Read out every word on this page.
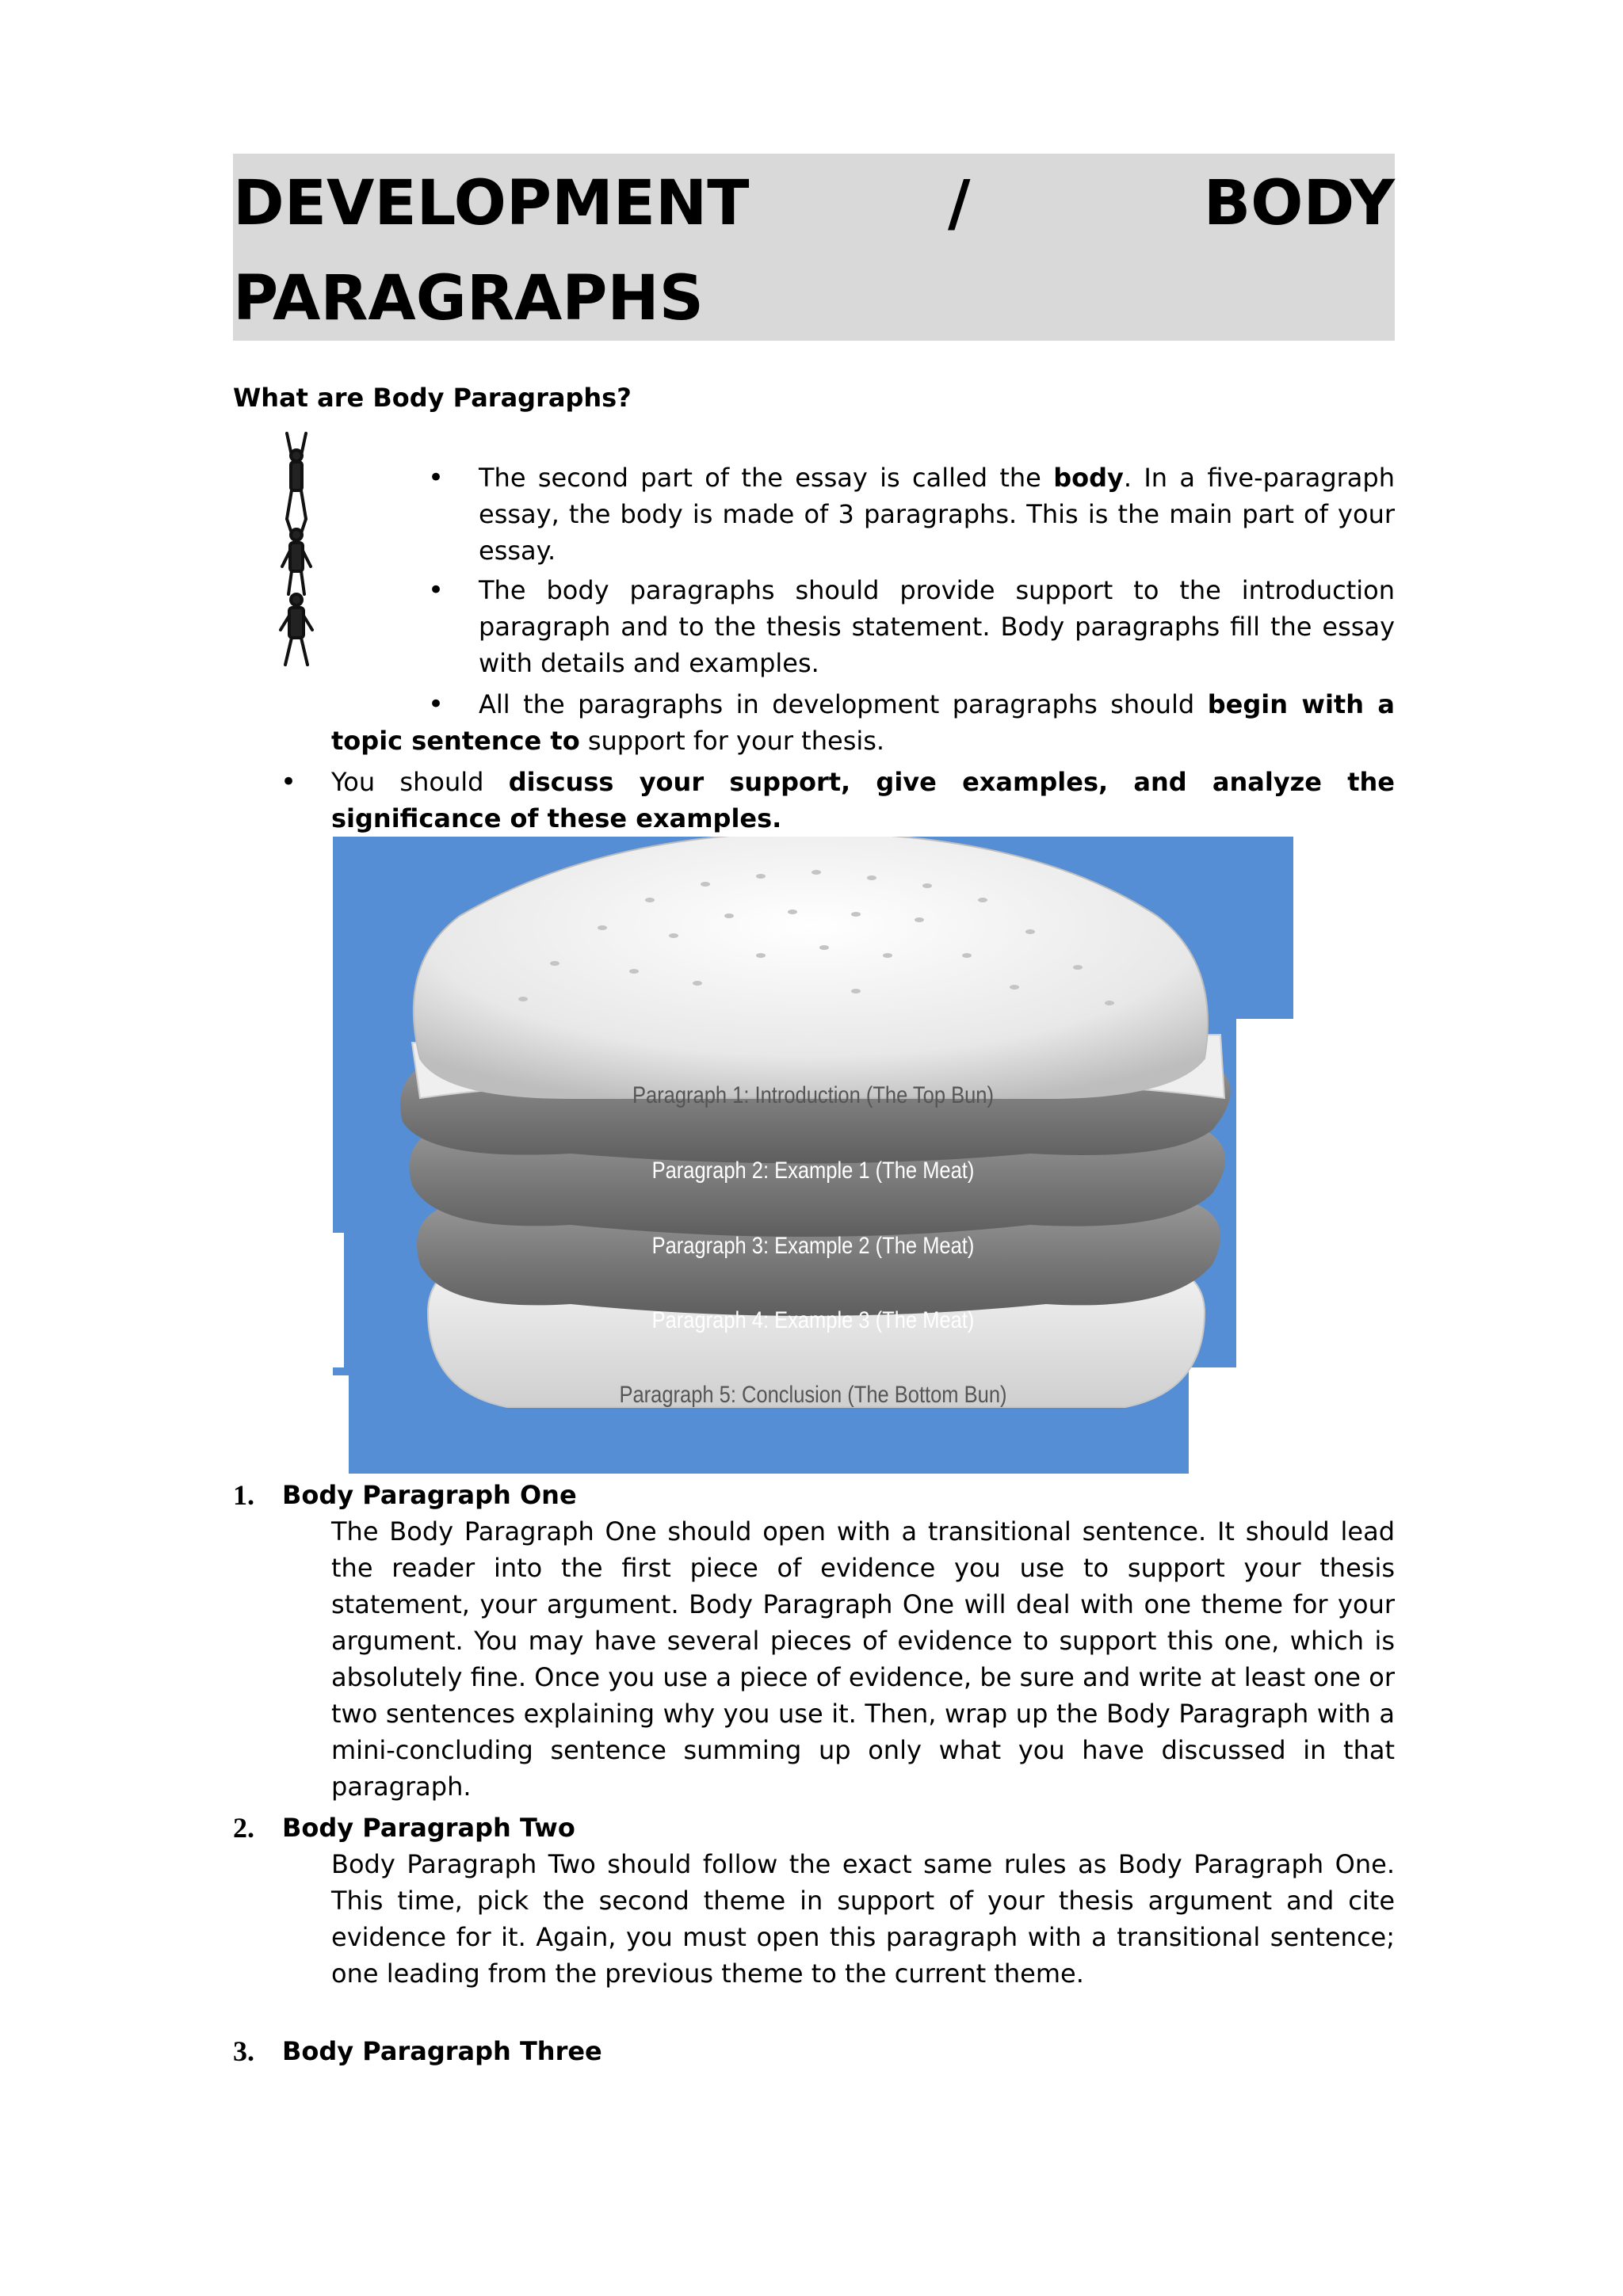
DEVELOPMENT	/	BODY
PARAGRAPHS
What are Body Paragraphs?
• The second part of the essay is called the body. In a five-paragraph essay, the body is made of 3 paragraphs. This is the main part of your essay.
• The body paragraphs should provide support to the introduction paragraph and to the thesis statement. Body paragraphs fill the essay with details and examples.
•	All the paragraphs in development paragraphs should begin with a topic sentence to support for your thesis.
• You should discuss your support, give examples, and analyze the significance of these examples.
Paragraph 1: Introduction (The Top Bun)
Paragraph 2: Example 1 (The Meat)
Paragraph 3: Example 2 (The Meat)
Paragraph 4: Example 3 (The Meat)
Paragraph 5: Conclusion (The Bottom Bun)
1. Body Paragraph One
The Body Paragraph One should open with a transitional sentence. It should lead the reader into the first piece of evidence you use to support your thesis statement, your argument. Body Paragraph One will deal with one theme for your argument. You may have several pieces of evidence to support this one, which is absolutely fine. Once you use a piece of evidence, be sure and write at least one or two sentences explaining why you use it. Then, wrap up the Body Paragraph with a mini-concluding sentence summing up only what you have discussed in that paragraph.
2. Body Paragraph Two
Body Paragraph Two should follow the exact same rules as Body Paragraph One. This time, pick the second theme in support of your thesis argument and cite evidence for it. Again, you must open this paragraph with a transitional sentence; one leading from the previous theme to the current theme.
3. Body Paragraph Three
